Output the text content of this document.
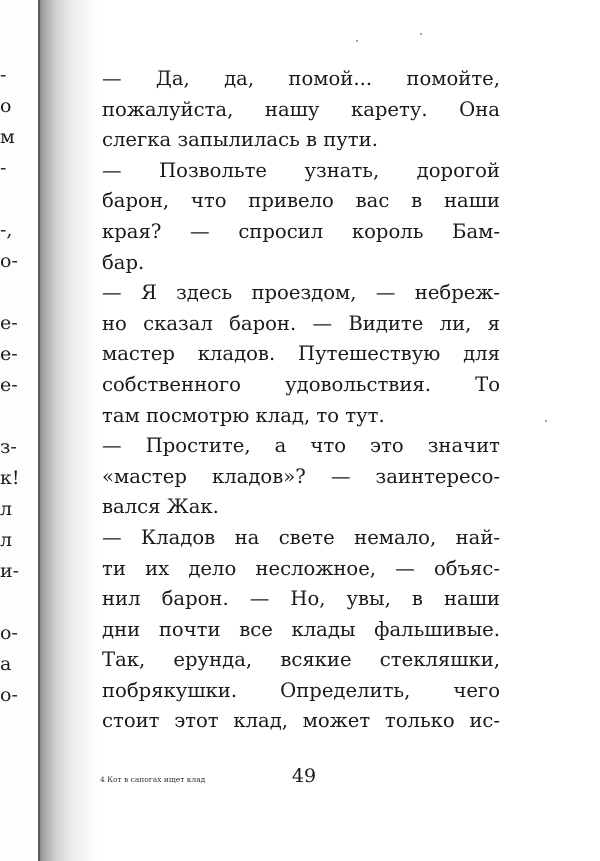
-
о
м
-
-,
о-
е-
е-
е-
з-
к!
л
л
и-
о-
а
о-
— Да, да, помой... помойте,
пожалуйста, нашу карету. Она
слегка запылилась в пути.
— Позвольте узнать, дорогой
барон, что привело вас в наши
края? — спросил король Бам-
бар.
— Я здесь проездом, — небреж-
но сказал барон. — Видите ли, я
мастер кладов. Путешествую для
собственного удовольствия. То
там посмотрю клад, то тут.
— Простите, а что это значит
«мастер кладов»? — заинтересо-
вался Жак.
— Кладов на свете немало, най-
ти их дело несложное, — объяс-
нил барон. — Но, увы, в наши
дни почти все клады фальшивые.
Так, ерунда, всякие стекляшки,
побрякушки. Определить, чего
стоит этот клад, может только ис-
49
4 Кот в сапогах ищет клад
